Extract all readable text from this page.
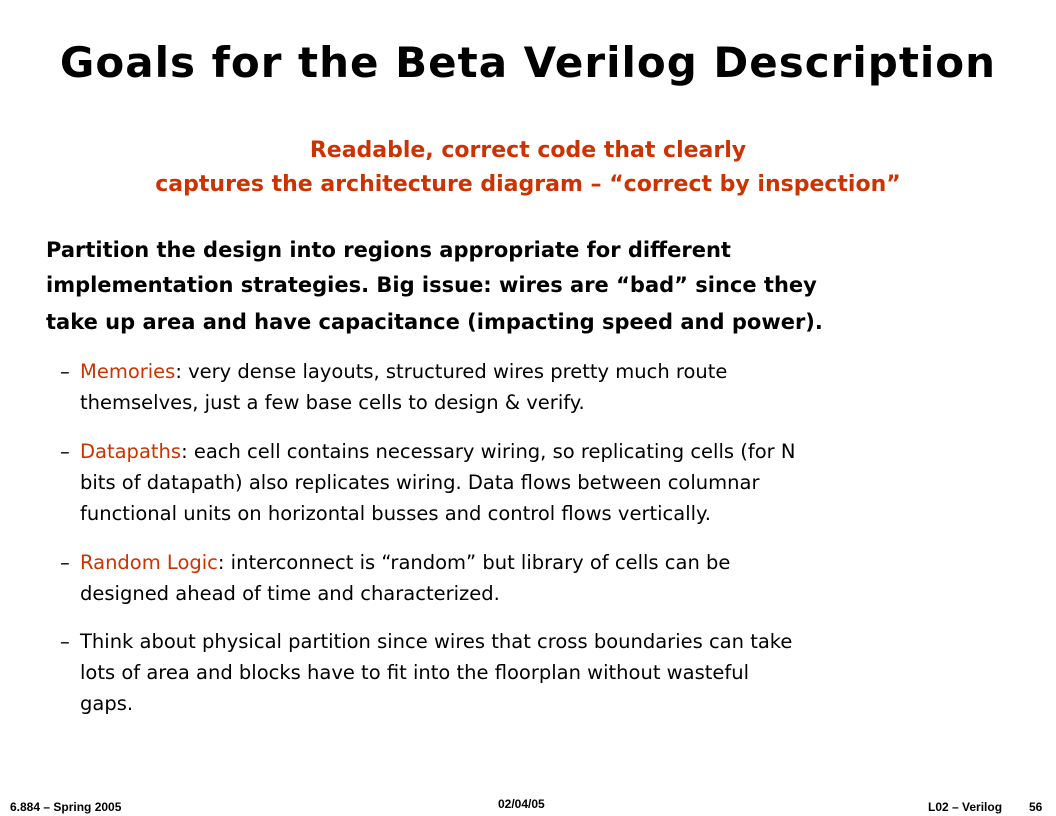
Goals for the Beta Verilog Description
Readable, correct code that clearly
captures the architecture diagram – “correct by inspection”
Partition the design into regions appropriate for different
implementation strategies. Big issue: wires are “bad” since they
take up area and have capacitance (impacting speed and power).
– Memories: very dense layouts, structured wires pretty much route
themselves, just a few base cells to design & verify.
– Datapaths: each cell contains necessary wiring, so replicating cells (for N
bits of datapath) also replicates wiring. Data flows between columnar
functional units on horizontal busses and control flows vertically.
– Random Logic: interconnect is “random” but library of cells can be
designed ahead of time and characterized.
– Think about physical partition since wires that cross boundaries can take
lots of area and blocks have to fit into the floorplan without wasteful
gaps.
6.884 – Spring 2005	02/04/05	L02 – Verilog 56
